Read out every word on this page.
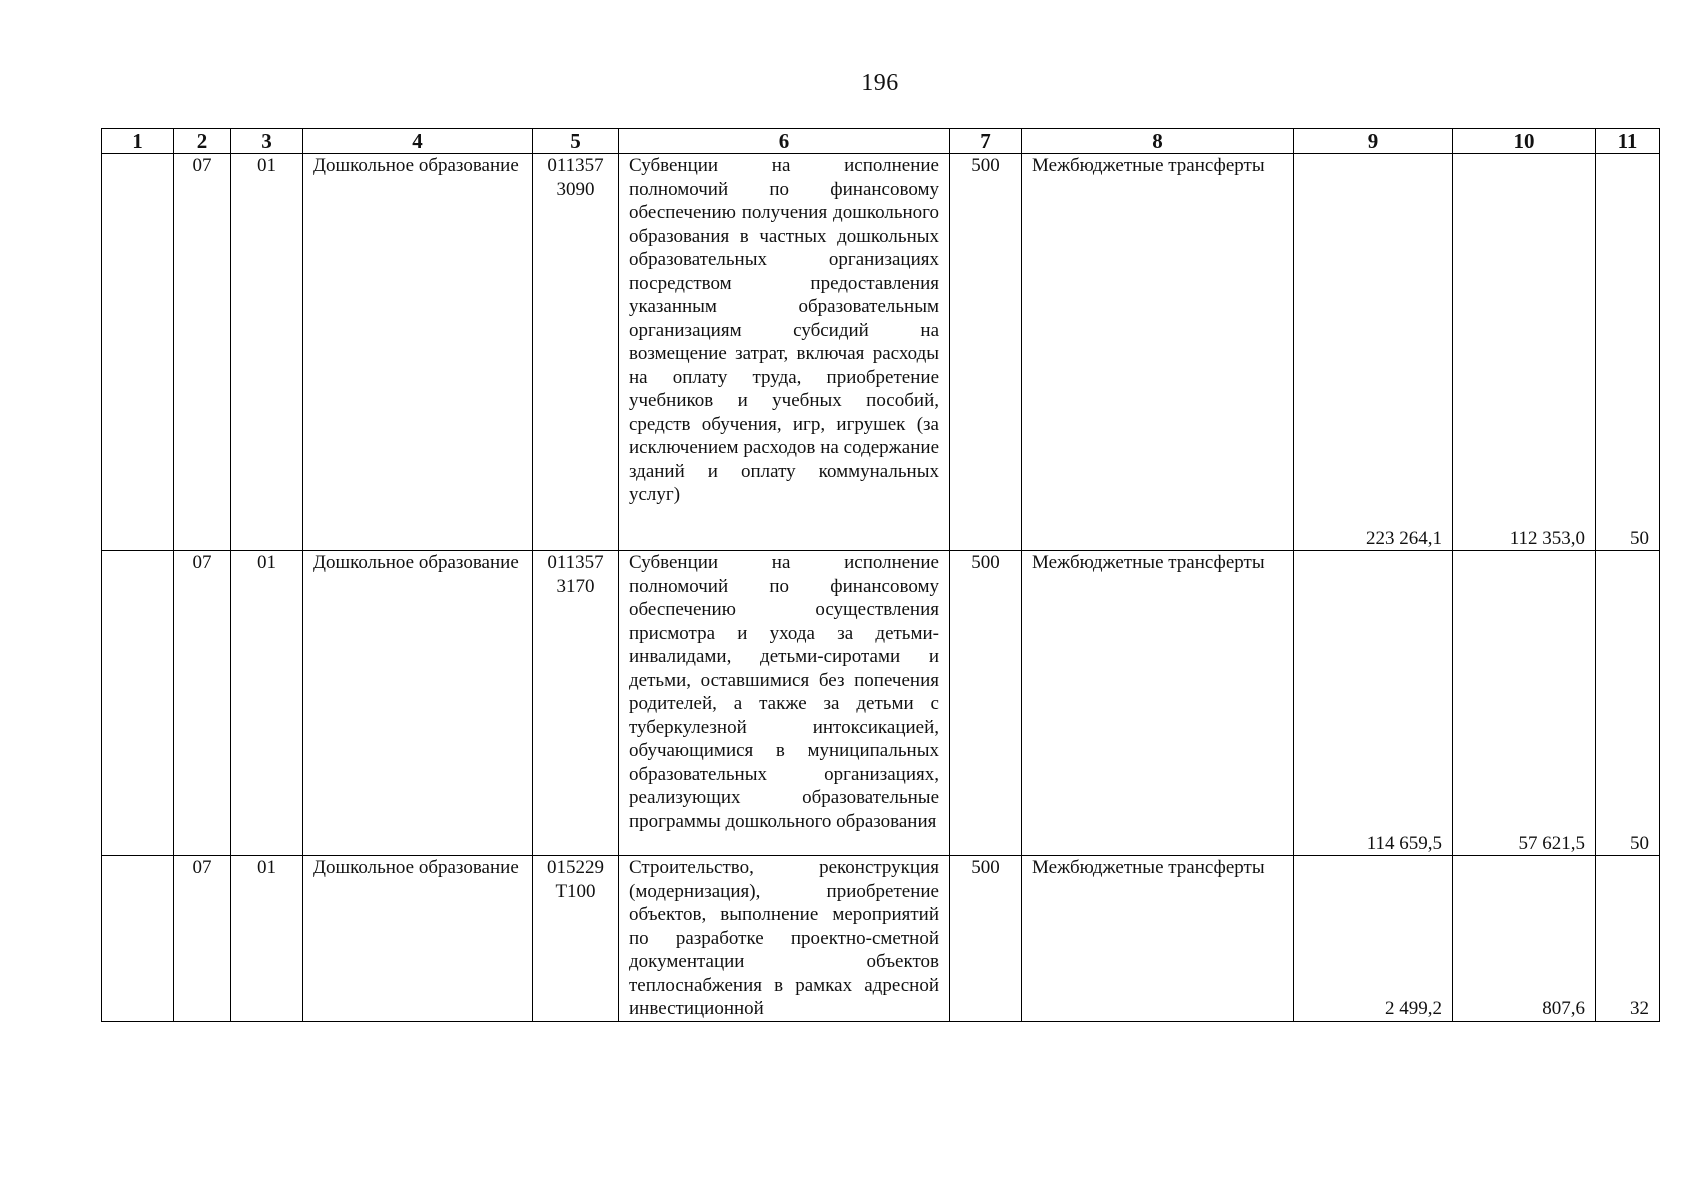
196
1	2	3	4	5	6	7	8	9	10	11
	07	01	Дошкольное образование	0113573090	Субвенции на исполнение полномочий по финансовому обеспечению получения дошкольного образования в частных дошкольных образовательных организациях посредством предоставления указанным образовательным организациям субсидий на возмещение затрат, включая расходы на оплату труда, приобретение учебников и учебных пособий, средств обучения, игр, игрушек (за исключением расходов на содержание зданий и оплату коммунальных услуг)	500	Межбюджетные трансферты	223 264,1	112 353,0	50
	07	01	Дошкольное образование	0113573170	Субвенции на исполнение полномочий по финансовому обеспечению осуществления присмотра и ухода за детьми-инвалидами, детьми-сиротами и детьми, оставшимися без попечения родителей, а также за детьми с туберкулезной интоксикацией, обучающимися в муниципальных образовательных организациях, реализующих образовательные программы дошкольного образования	500	Межбюджетные трансферты	114 659,5	57 621,5	50
	07	01	Дошкольное образование	015229T100	Строительство, реконструкция (модернизация), приобретение объектов, выполнение мероприятий по разработке проектно-сметной документации объектов теплоснабжения в рамках адресной инвестиционной	500	Межбюджетные трансферты	2 499,2	807,6	32
